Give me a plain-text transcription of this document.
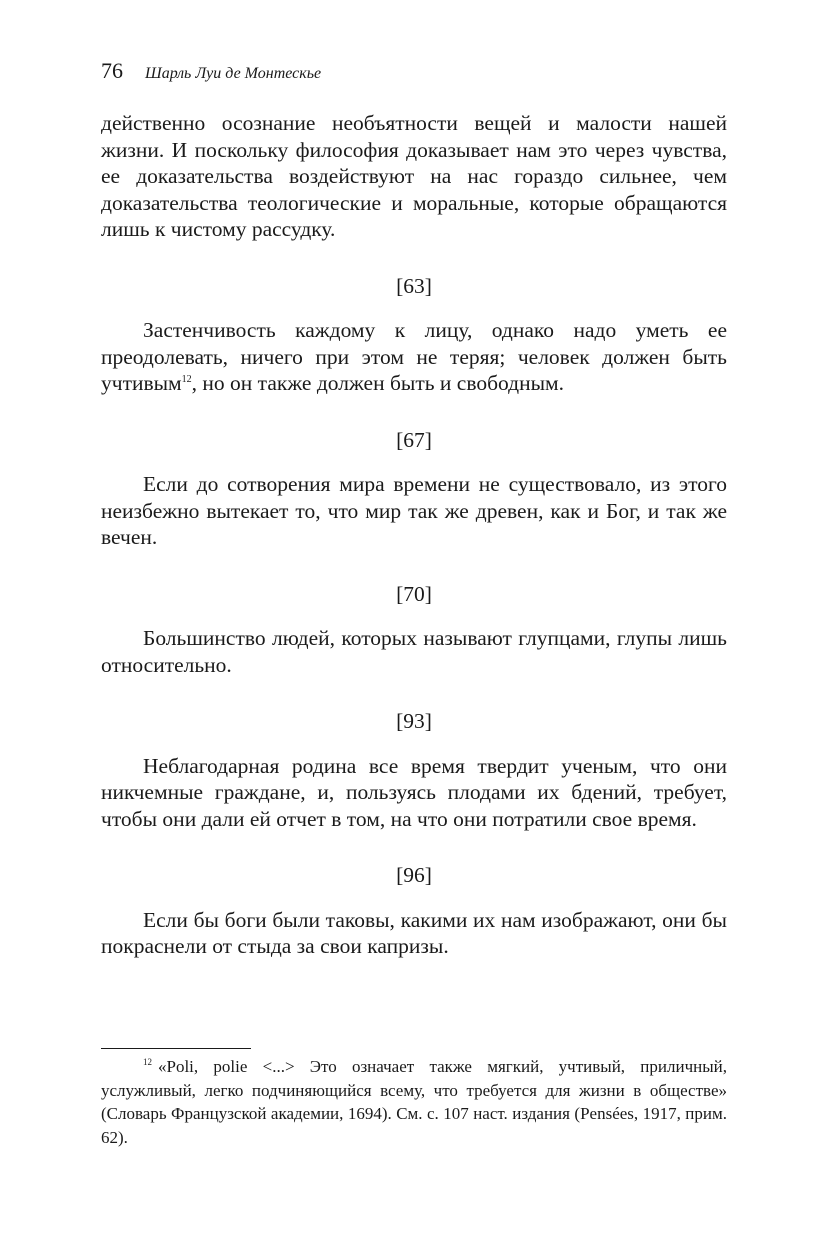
76 Шарль Луи де Монтескье

действенно осознание необъятности вещей и малости нашей жизни. И поскольку философия доказывает нам это через чувства, ее доказательства воздействуют на нас гораздо сильнее, чем доказательства теологические и моральные, которые обращаются лишь к чистому рассудку.

[63]

Застенчивость каждому к лицу, однако надо уметь ее преодолевать, ничего при этом не теряя; человек должен быть учтивым$^{12}$, но он также должен быть и свободным.

[67]

Если до сотворения мира времени не существовало, из этого неизбежно вытекает то, что мир так же древен, как и Бог, и так же вечен.

[70]

Большинство людей, которых называют глупцами, глупы лишь относительно.

[93]

Неблагодарная родина все время твердит ученым, что они никчемные граждане, и, пользуясь плодами их бдений, требует, чтобы они дали ей отчет в том, на что они потратили свое время.

[96]

Если бы боги были таковы, какими их нам изображают, они бы покраснели от стыда за свои капризы.

$^{12}$ «Poli, polie <...> Это означает также мягкий, учтивый, приличный, услужливый, легко подчиняющийся всему, что требуется для жизни в обществе» (Словарь Французской академии, 1694). См. с. 107 наст. издания (Pensées, 1917, прим. 62).
